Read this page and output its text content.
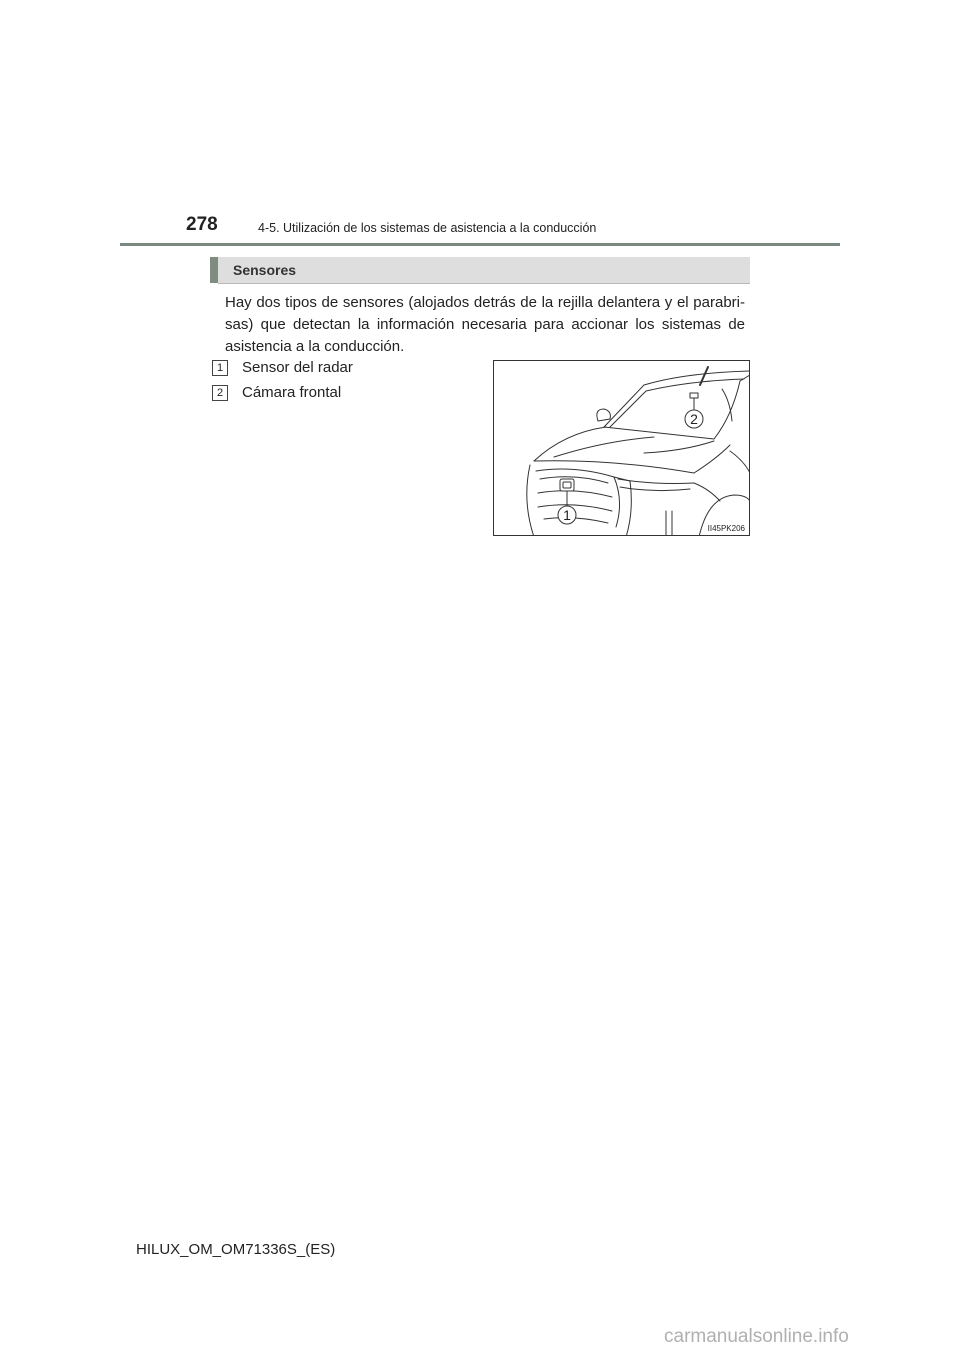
278	4-5. Utilización de los sistemas de asistencia a la conducción
Sensores
Hay dos tipos de sensores (alojados detrás de la rejilla delantera y el parabri-sas) que detectan la información necesaria para accionar los sistemas de asistencia a la conducción.
1	Sensor del radar
2	Cámara frontal
2
1
II45PK206
HILUX_OM_OM71336S_(ES)
carmanualsonline.info
